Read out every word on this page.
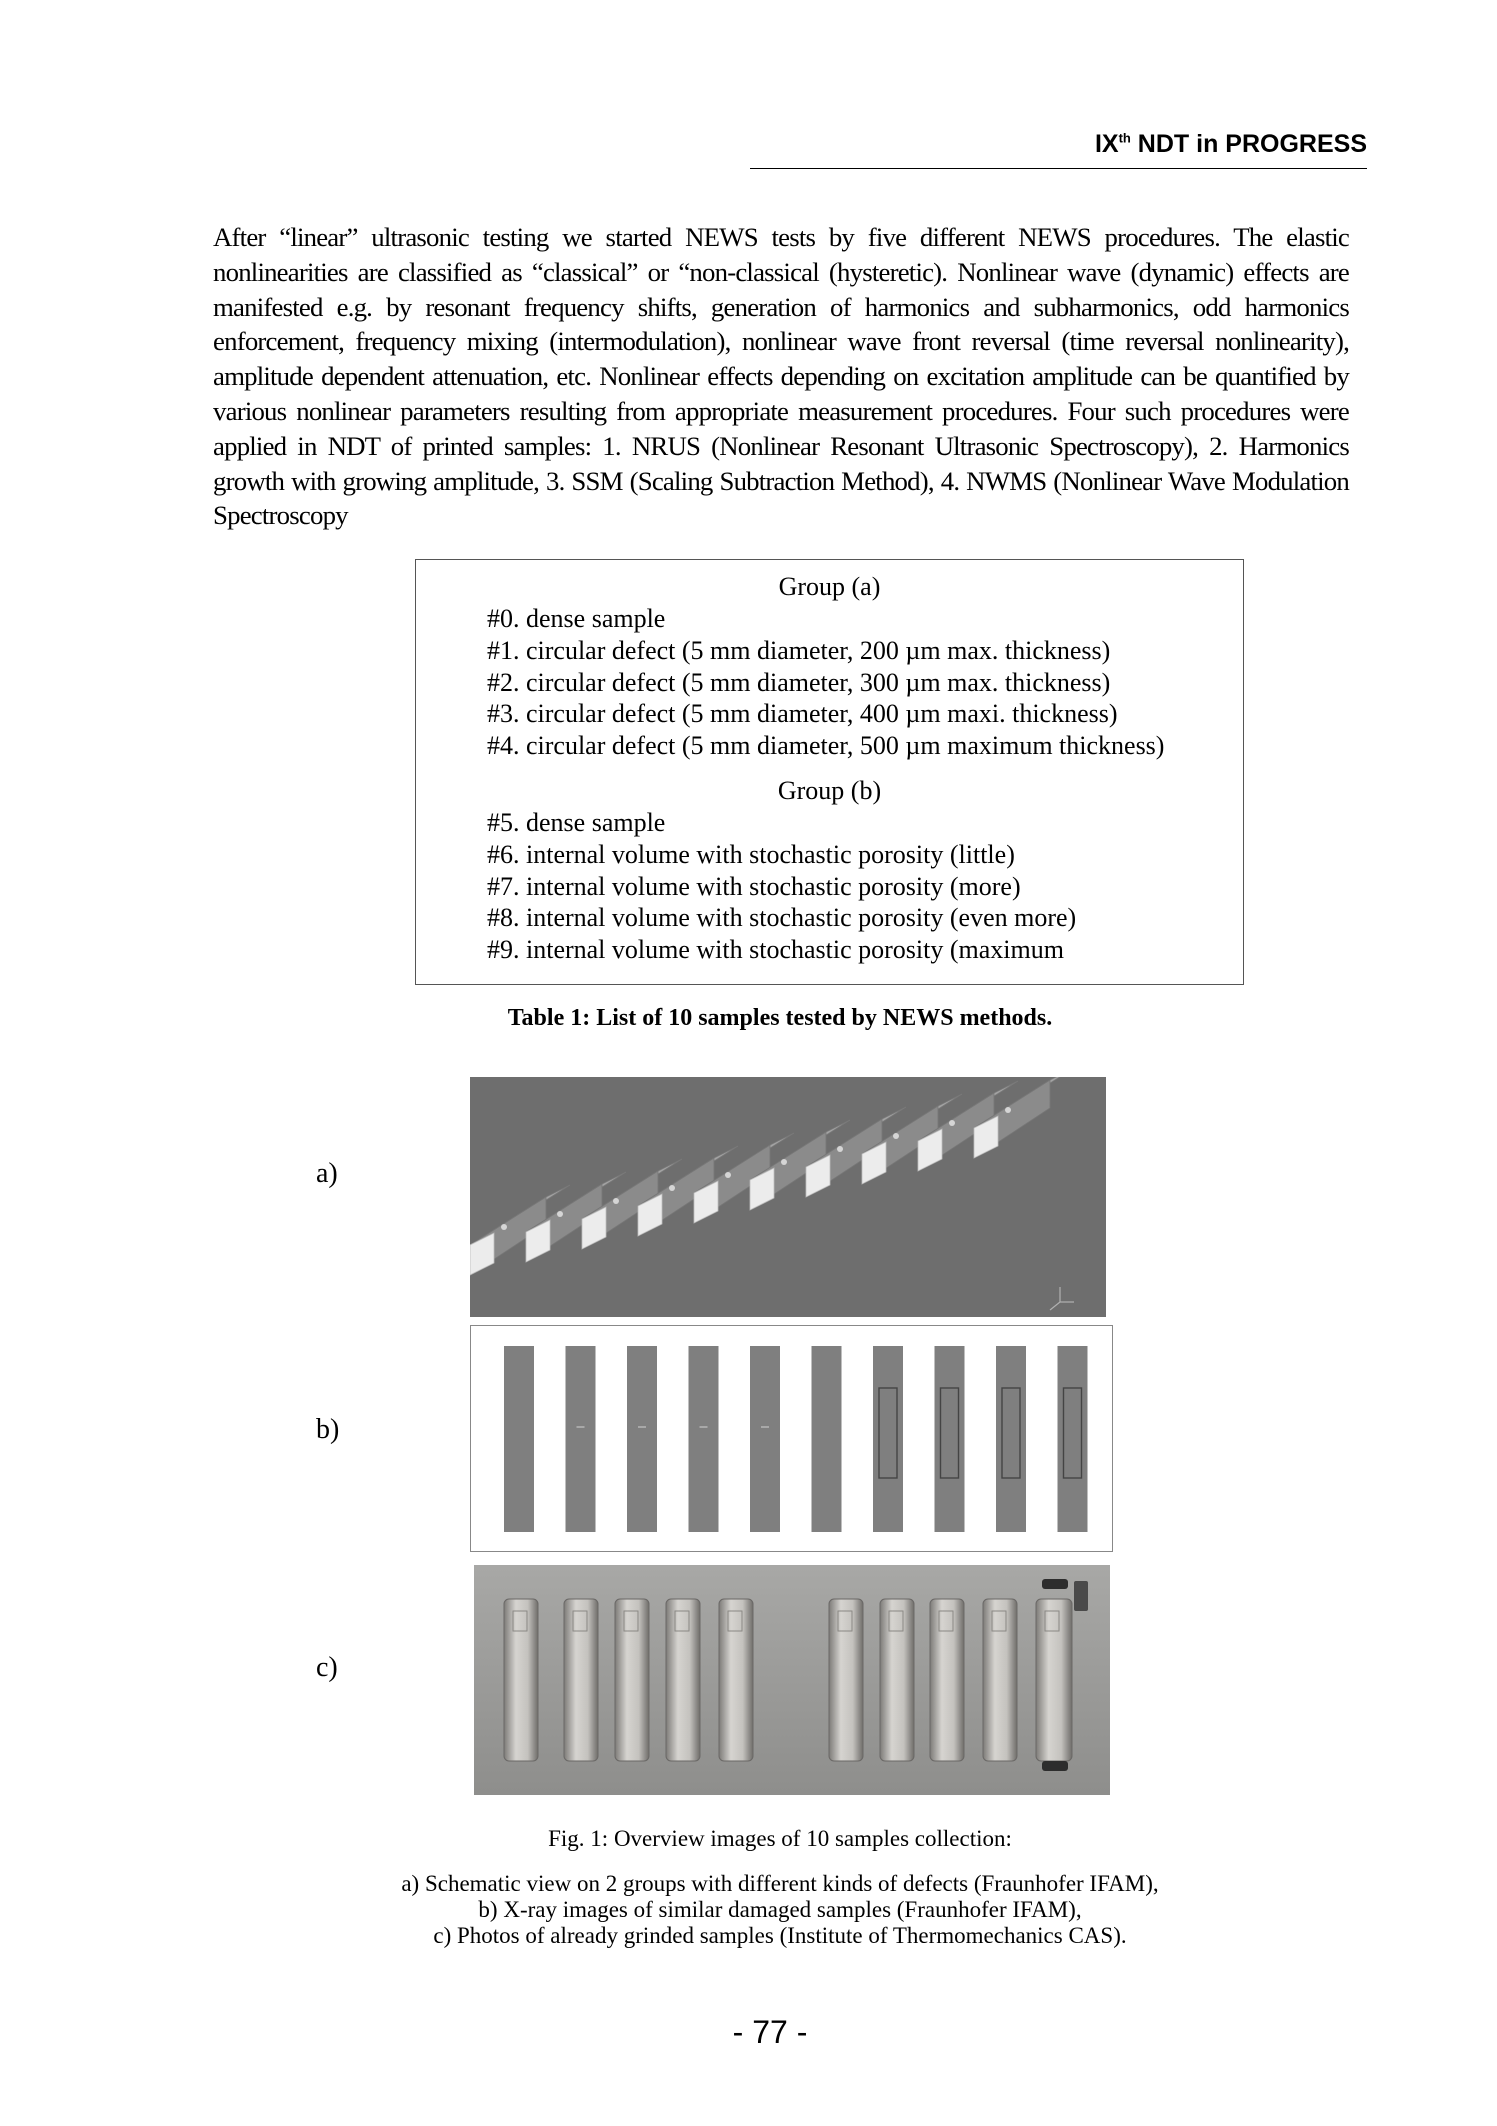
IXth NDT in PROGRESS

After “linear” ultrasonic testing we started NEWS tests by five different NEWS procedures. The elastic nonlinearities are classified as “classical” or “non-classical (hysteretic). Nonlinear wave (dynamic) effects are manifested e.g. by resonant frequency shifts, generation of harmonics and subharmonics, odd harmonics enforcement, frequency mixing (intermodulation), nonlinear wave front reversal (time reversal nonlinearity), amplitude dependent attenuation, etc. Nonlinear effects depending on excitation amplitude can be quantified by various nonlinear parameters resulting from appropriate measurement procedures. Four such procedures were applied in NDT of printed samples: 1. NRUS (Nonlinear Resonant Ultrasonic Spectroscopy), 2. Harmonics growth with growing amplitude, 3. SSM (Scaling Subtraction Method), 4. NWMS (Nonlinear Wave Modulation Spectroscopy

Group (a)
#0. dense sample
#1. circular defect (5 mm diameter, 200 µm max. thickness)
#2. circular defect (5 mm diameter, 300 µm max. thickness)
#3. circular defect (5 mm diameter, 400 µm maxi. thickness)
#4. circular defect (5 mm diameter, 500 µm maximum thickness)
Group (b)
#5. dense sample
#6. internal volume with stochastic porosity (little)
#7. internal volume with stochastic porosity (more)
#8. internal volume with stochastic porosity (even more)
#9. internal volume with stochastic porosity (maximum
Table 1: List of 10 samples tested by NEWS methods.
a)
b)
c)
Fig. 1: Overview images of 10 samples collection:
a) Schematic view on 2 groups with different kinds of defects (Fraunhofer IFAM),
b) X-ray images of similar damaged samples (Fraunhofer IFAM),
c) Photos of already grinded samples (Institute of Thermomechanics CAS).
- 77 -
